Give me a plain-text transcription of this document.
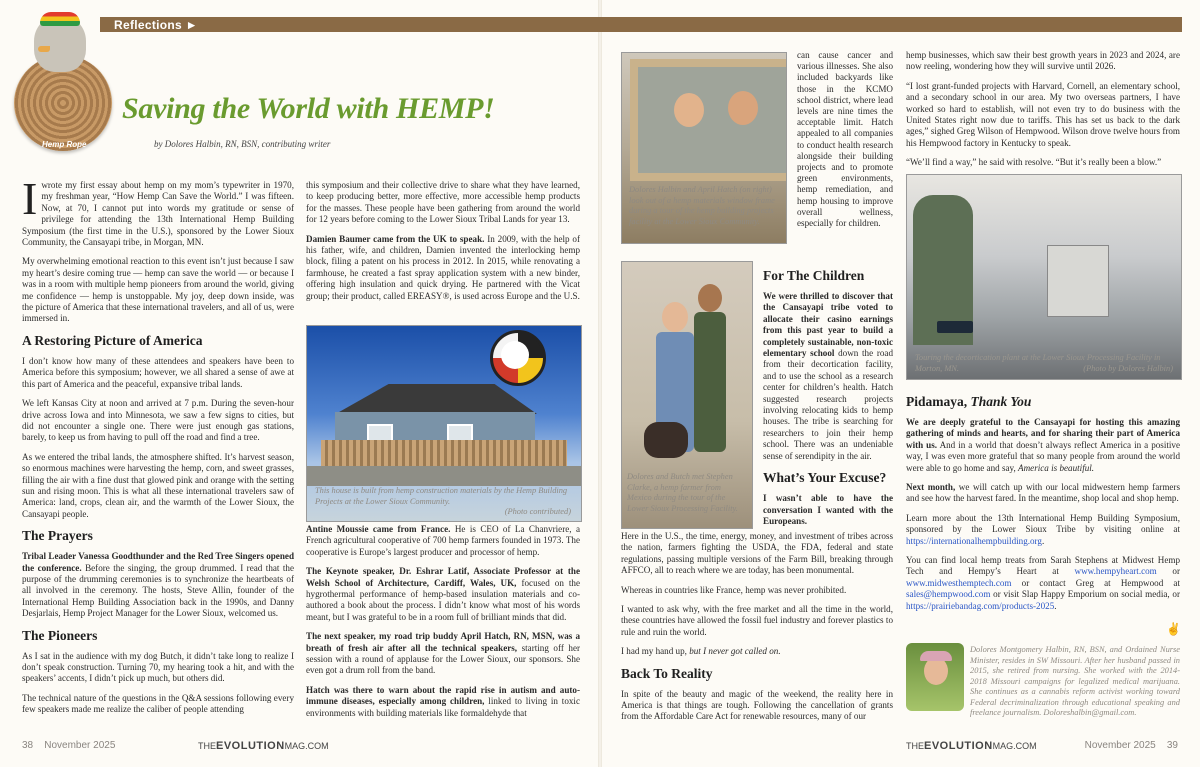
Reflections ►
Hemp Rope
Saving the World with HEMP!
by Dolores Halbin, RN, BSN, contributing writer

Iwrote my first essay about hemp on my mom’s typewriter in 1970, my freshman year, “How Hemp Can Save the World.” I was fifteen. Now, at 70, I cannot put into words my gratitude or sense of privilege for attending the 13th International Hemp Building Symposium (the first time in the U.S.), sponsored by the Lower Sioux Community, the Cansayapi tribe, in Morgan, MN.

My overwhelming emotional reaction to this event isn’t just because I saw my heart’s desire coming true — hemp can save the world — or because I was in a room with multiple hemp pioneers from around the world, giving me confidence — hemp is unstoppable. My joy, deep down inside, was the picture of America that these international travelers, and all of us, were immersed in.

A Restoring Picture of America

I don’t know how many of these attendees and speakers have been to America before this symposium; however, we all shared a sense of awe at this part of America and the peaceful, expansive tribal lands.

We left Kansas City at noon and arrived at 7 p.m. During the seven-hour drive across Iowa and into Minnesota, we saw a few signs to cities, but did not encounter a single one. There were just enough gas stations, barely, to keep us from having to pull off the road and find a tree.

As we entered the tribal lands, the atmosphere shifted. It’s harvest season, so enormous machines were harvesting the hemp, corn, and sweet grasses, filling the air with a fine dust that glowed pink and orange with the setting sun and rising moon. This is what all these international travelers saw of America: land, crops, clean air, and the warmth of the Lower Sioux, the Cansayapi people.

The Prayers

Tribal Leader Vanessa Goodthunder and the Red Tree Singers opened the conference. Before the singing, the group drummed. I read that the purpose of the drumming ceremonies is to synchronize the heartbeats of all involved in the ceremony. The hosts, Steve Allin, founder of the International Hemp Building Association back in the 1990s, and Danny Desjarlais, Hemp Project Manager for the Lower Sioux, welcomed us.

The Pioneers

As I sat in the audience with my dog Butch, it didn’t take long to realize I don’t speak construction. Turning 70, my hearing took a hit, and with the speakers’ accents, I didn’t pick up much, but others did.

The technical nature of the questions in the Q&A sessions following every few speakers made me realize the caliber of people attending

this symposium and their collective drive to share what they have learned, to keep producing better, more effective, more accessible hemp products for the masses. These people have been gathering from around the world for 12 years before coming to the Lower Sioux Tribal Lands for year 13.

Damien Baumer came from the UK to speak. In 2009, with the help of his father, wife, and children, Damien invented the interlocking hemp block, filing a patent on his process in 2012. In 2015, while renovating a farmhouse, he created a fast spray application system with a new binder, offering high insulation and quick drying. He partnered with the Vicat group; their product, called EREASY®, is used across Europe and the U.S.

This house is built from hemp construction materials by the Hemp Building Projects at the Lower Sioux Community.
(Photo contributed)

Antine Moussie came from France. He is CEO of La Chanvriere, a French agricultural cooperative of 700 hemp farmers founded in 1973. The cooperative is Europe’s largest producer and processor of hemp.

The Keynote speaker, Dr. Eshrar Latif, Associate Professor at the Welsh School of Architecture, Cardiff, Wales, UK, focused on the hygrothermal performance of hemp-based insulation materials and co-authored a book about the process. I didn’t know what most of his words meant, but I was grateful to be in a room full of brilliant minds that did.

The next speaker, my road trip buddy April Hatch, RN, MSN, was a breath of fresh air after all the technical speakers, starting off her session with a round of applause for the Lower Sioux, our sponsors. She even got a drum roll from the band.

Hatch was there to warn about the rapid rise in autism and auto-immune diseases, especially among children, linked to living in toxic environments with building materials like formaldehyde that

Dolores Halbin and April Hatch (on right) look out of a hemp materials window frame during a tour of the hemp building projects facility at the Lower Sioux Community.

can cause cancer and various illnesses. She also included backyards like those in the KCMO school district, where lead levels are nine times the acceptable limit. Hatch appealed to all companies to conduct health research alongside their building projects and to promote green environments, hemp remediation, and hemp housing to improve overall wellness, especially for children.

Dolores and Butch met Stephen Clarke, a hemp farmer from Mexico during the tour of the Lower Sioux Processing Facility.
For The Children

We were thrilled to discover that the Cansayapi tribe voted to allocate their casino earnings from this past year to build a completely sustainable, non-toxic elementary school down the road from their decortication facility, and to use the school as a research center for children’s health. Hatch suggested research projects involving relocating kids to hemp houses. The tribe is searching for researchers to join their hemp school. There was an undeniable sense of serendipity in the air.

What’s Your Excuse?

I wasn’t able to have the conversation I wanted with the Europeans.

Here in the U.S., the time, energy, money, and investment of tribes across the nation, farmers fighting the USDA, the FDA, federal and state regulations, passing multiple versions of the Farm Bill, breaking through AFFCO, all to reach where we are today, has been monumental.

Whereas in countries like France, hemp was never prohibited.

I wanted to ask why, with the free market and all the time in the world, these countries have allowed the fossil fuel industry and forever plastics to rule and ruin the world.

I had my hand up, but I never got called on.

Back To Reality

In spite of the beauty and magic of the weekend, the reality here in America is that things are tough. Following the cancellation of grants from the Affordable Care Act for renewable resources, many of our

hemp businesses, which saw their best growth years in 2023 and 2024, are now reeling, wondering how they will survive until 2026.

“I lost grant-funded projects with Harvard, Cornell, an elementary school, and a secondary school in our area. My two overseas partners, I have worked so hard to establish, will not even try to do business with the United States right now due to tariffs. This has set us back to the dark ages,” sighed Greg Wilson of Hempwood. Wilson drove twelve hours from his Hempwood factory in Kentucky to speak.

“We’ll find a way,” he said with resolve. “But it’s really been a blow.”

Touring the decortication plant at the Lower Sioux Processing Facility in Morton, MN.	(Photo by Dolores Halbin)
Pidamaya, Thank You

We are deeply grateful to the Cansayapi for hosting this amazing gathering of minds and hearts, and for sharing their part of America with us. And in a world that doesn’t always reflect America in a positive way, I was even more grateful that so many people from around the world were able to go home and say, America is beautiful.

Next month, we will catch up with our local midwestern hemp farmers and see how the harvest fared. In the meantime, shop local and shop hemp.

Learn more about the 13th International Hemp Building Symposium, sponsored by the Lower Sioux Tribe by visiting online at https://internationalhempbuilding.org.

You can find local hemp treats from Sarah Stephens at Midwest Hemp Tech and Hempy’s Heart at www.hempyheart.com or www.midwesthemptech.com or contact Greg at Hempwood at sales@hempwood.com or visit Slap Happy Emporium on social media, or https://prairiebandag.com/products-2025.

✌
Dolores Montgomery Halbin, RN, BSN, and Ordained Nurse Minister, resides in SW Missouri. After her husband passed in 2015, she retired from nursing. She worked with the 2014-2018 Missouri campaigns for legalized medical marijuana. She continues as a cannabis reform activist working toward Federal decriminalization through educational speaking and freelance journalism. Doloreshalbin@gmail.com.
38 November 2025	THEEVOLUTIONMAG.COM	THEEVOLUTIONMAG.COM	November 2025 39
